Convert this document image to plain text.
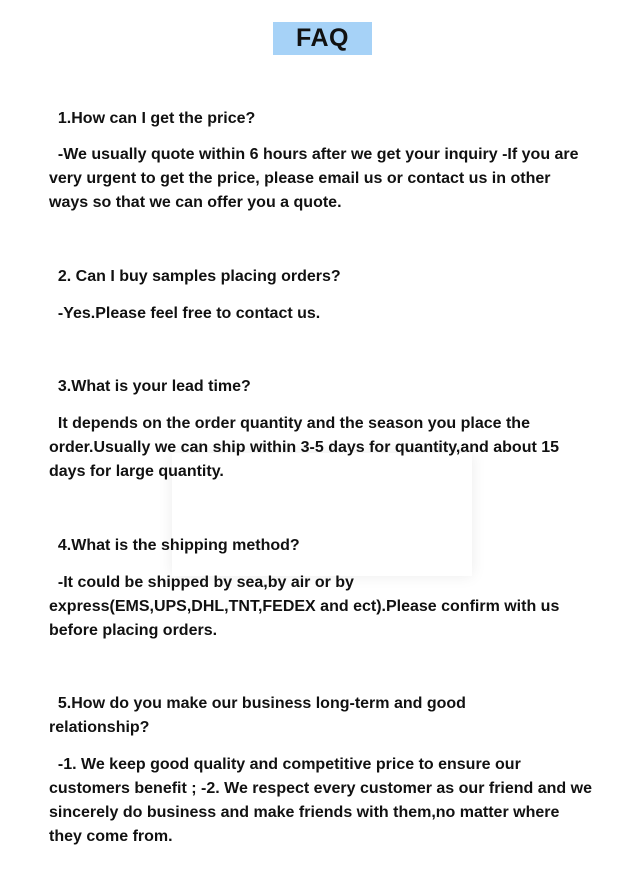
FAQ
1.How can I get the price?
-We usually quote within 6 hours after we get your inquiry -If you are very urgent to get the price, please email us or contact us in other ways so that we can offer you a quote.
2. Can I buy samples placing orders?
-Yes.Please feel free to contact us.
3.What is your lead time?
It depends on the order quantity and the season you place the order.Usually we can ship within 3-5 days for quantity,and about 15 days for large quantity.
4.What is the shipping method?
-It could be shipped by sea,by air or by
express(EMS,UPS,DHL,TNT,FEDEX and ect).Please confirm with us before placing orders.
5.How do you make our business long-term and good relationship?
-1. We keep good quality and competitive price to ensure our customers benefit ; -2. We respect every customer as our friend and we sincerely do business and make friends with them,no matter where they come from.
